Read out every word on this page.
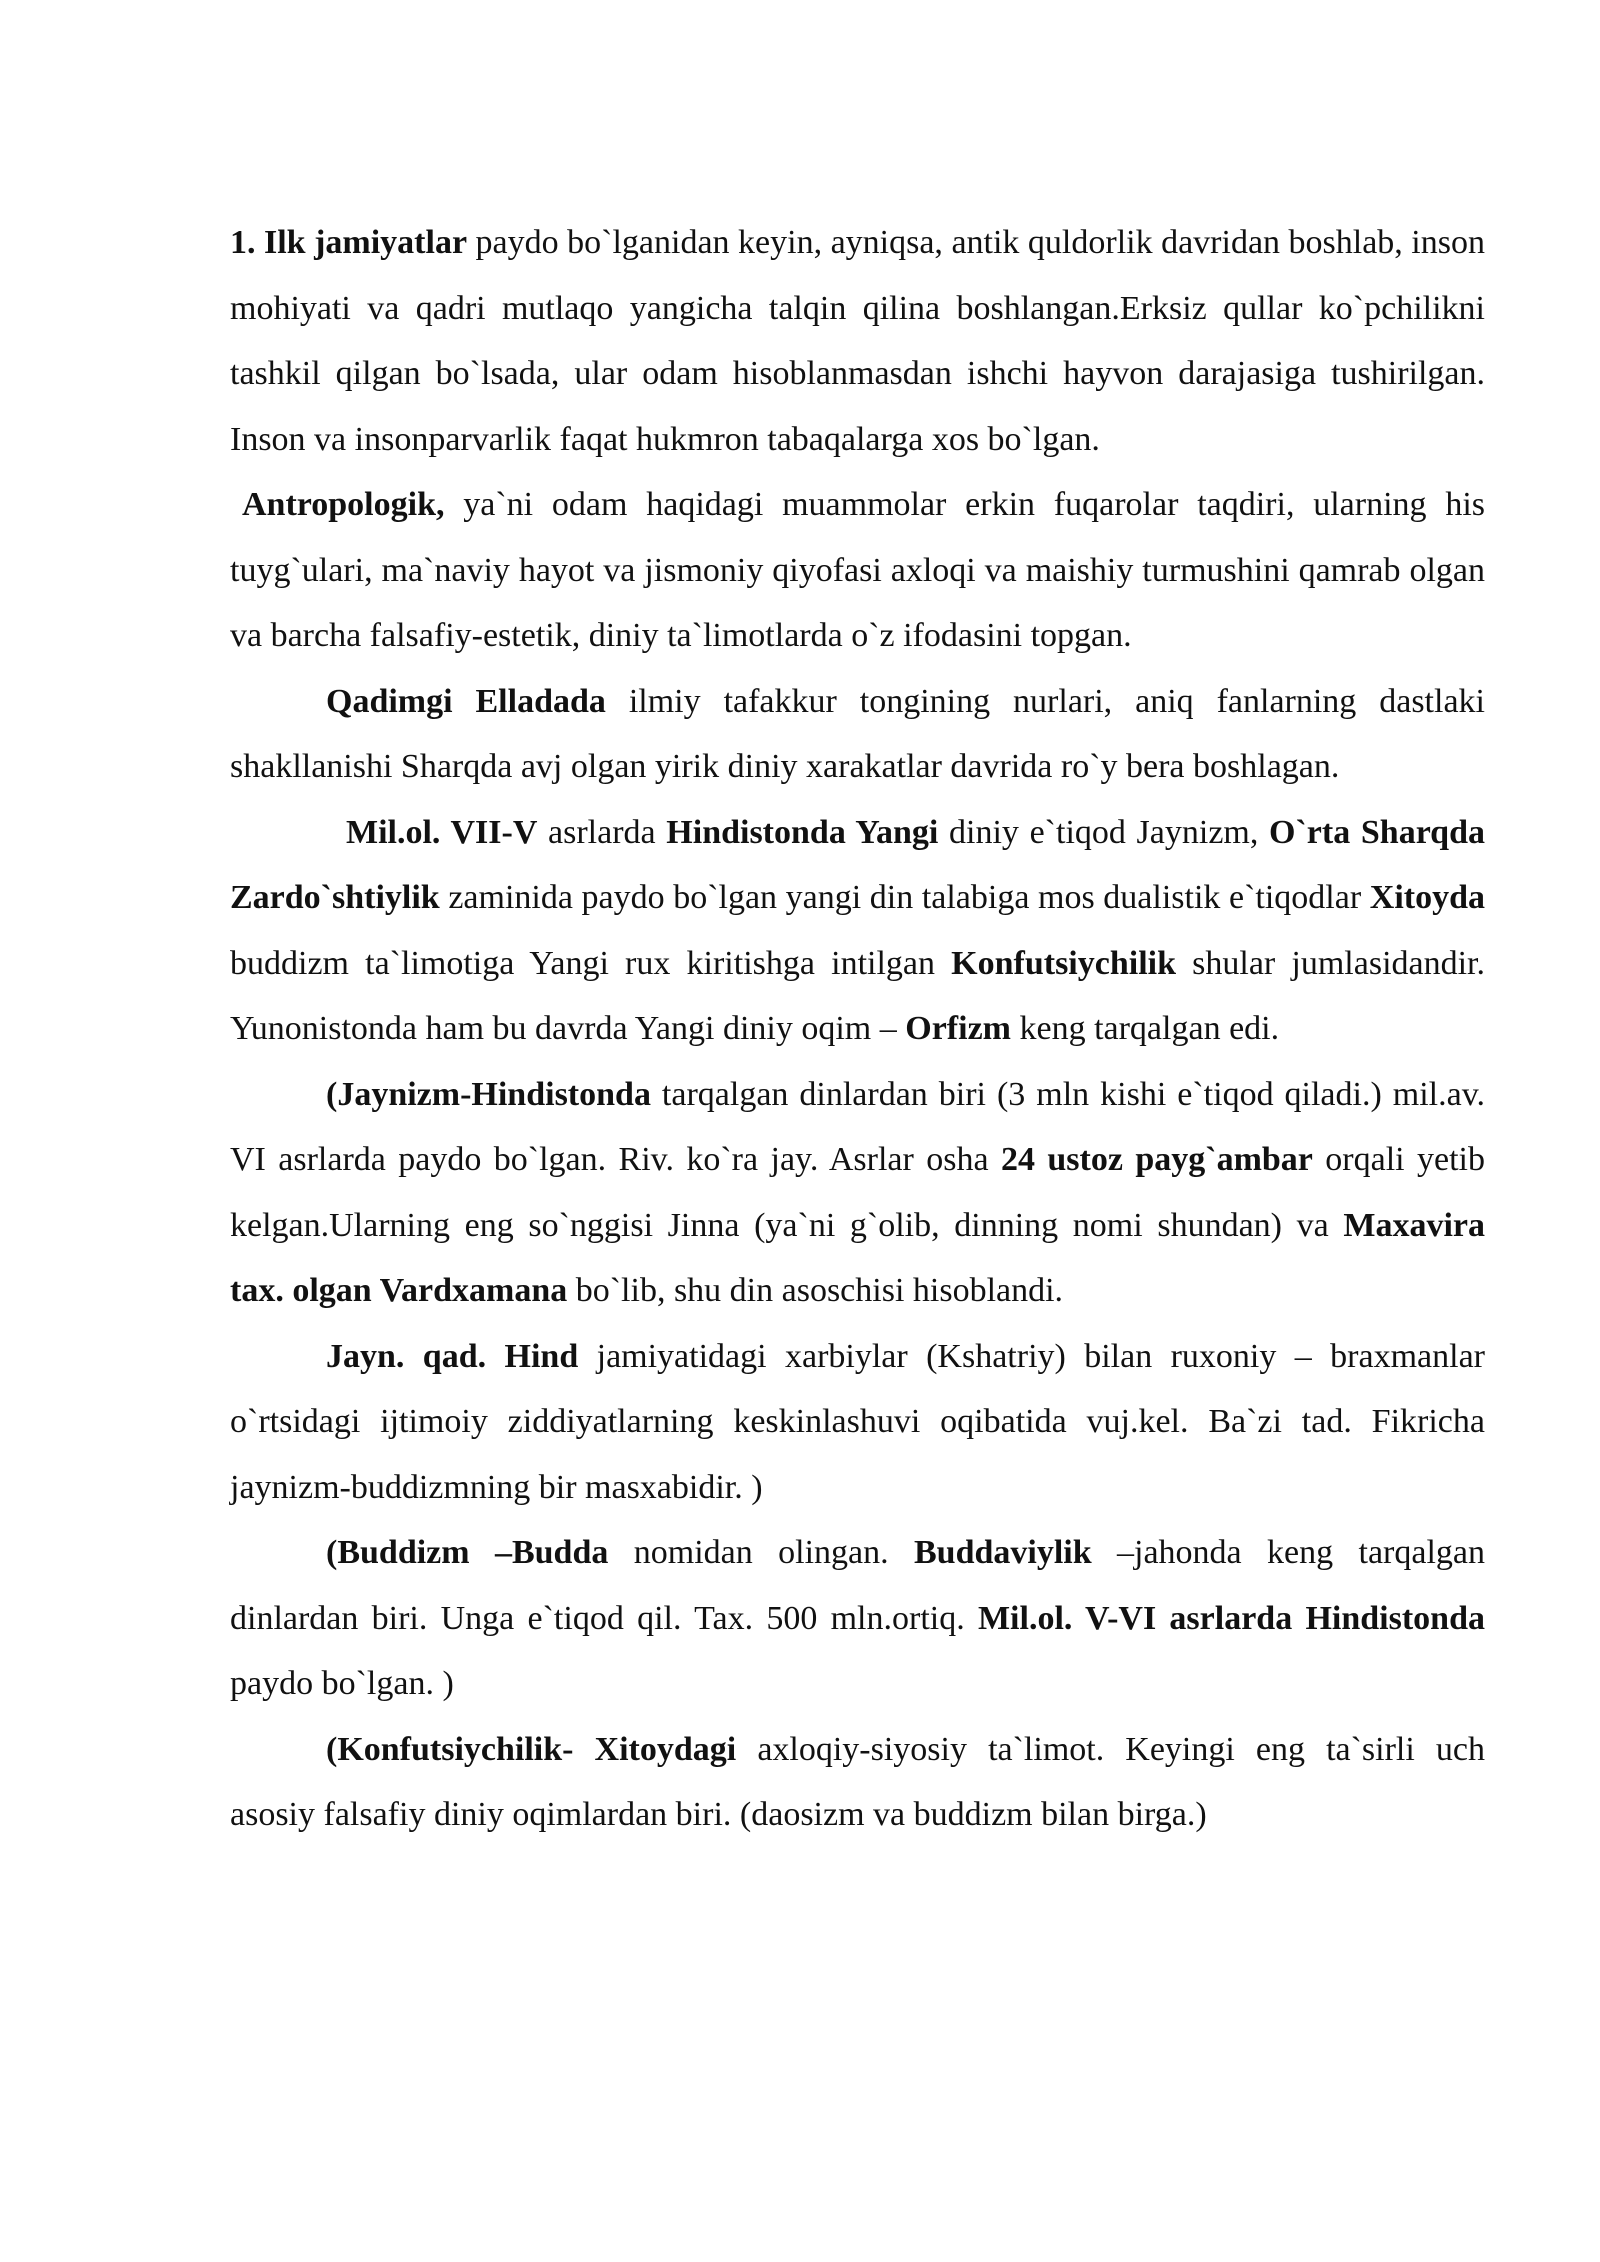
1. Ilk jamiyatlar paydo bo`lganidan keyin, ayniqsa, antik quldorlik davridan boshlab, inson mohiyati va qadri mutlaqo yangicha talqin qilina boshlangan.Erksiz qullar ko`pchilikni tashkil qilgan bo`lsada, ular odam hisoblanmasdan ishchi hayvon darajasiga tushirilgan. Inson va insonparvarlik faqat hukmron tabaqalarga xos bo`lgan.

Antropologik, ya`ni odam haqidagi muammolar erkin fuqarolar taqdiri, ularning his tuyg`ulari, ma`naviy hayot va jismoniy qiyofasi axloqi va maishiy turmushini qamrab olgan va barcha falsafiy-estetik, diniy ta`limotlarda o`z ifodasini topgan.

Qadimgi Elladada ilmiy tafakkur tongining nurlari, aniq fanlarning dastlaki shakllanishi Sharqda avj olgan yirik diniy xarakatlar davrida ro`y bera boshlagan.

Mil.ol. VII-V asrlarda Hindistonda Yangi diniy e`tiqod Jaynizm, O`rta Sharqda Zardo`shtiylik zaminida paydo bo`lgan yangi din talabiga mos dualistik e`tiqodlar Xitoyda buddizm ta`limotiga Yangi rux kiritishga intilgan Konfutsiychilik shular jumlasidandir. Yunonistonda ham bu davrda Yangi diniy oqim – Orfizm keng tarqalgan edi.

(Jaynizm-Hindistonda tarqalgan dinlardan biri (3 mln kishi e`tiqod qiladi.) mil.av. VI asrlarda paydo bo`lgan. Riv. ko`ra jay. Asrlar osha 24 ustoz payg`ambar orqali yetib kelgan.Ularning eng so`nggisi Jinna (ya`ni g`olib, dinning nomi shundan) va Maxavira tax. olgan Vardxamana bo`lib, shu din asoschisi hisoblandi.

Jayn. qad. Hind jamiyatidagi xarbiylar (Kshatriy) bilan ruxoniy – braxmanlar o`rtsidagi ijtimoiy ziddiyatlarning keskinlashuvi oqibatida vuj.kel. Ba`zi tad. Fikricha jaynizm-buddizmning bir masxabidir. )

(Buddizm –Budda nomidan olingan. Buddaviylik –jahonda keng tarqalgan dinlardan biri. Unga e`tiqod qil. Tax. 500 mln.ortiq. Mil.ol. V-VI asrlarda Hindistonda paydo bo`lgan. )

(Konfutsiychilik- Xitoydagi axloqiy-siyosiy ta`limot. Keyingi eng ta`sirli uch asosiy falsafiy diniy oqimlardan biri. (daosizm va buddizm bilan birga.)
